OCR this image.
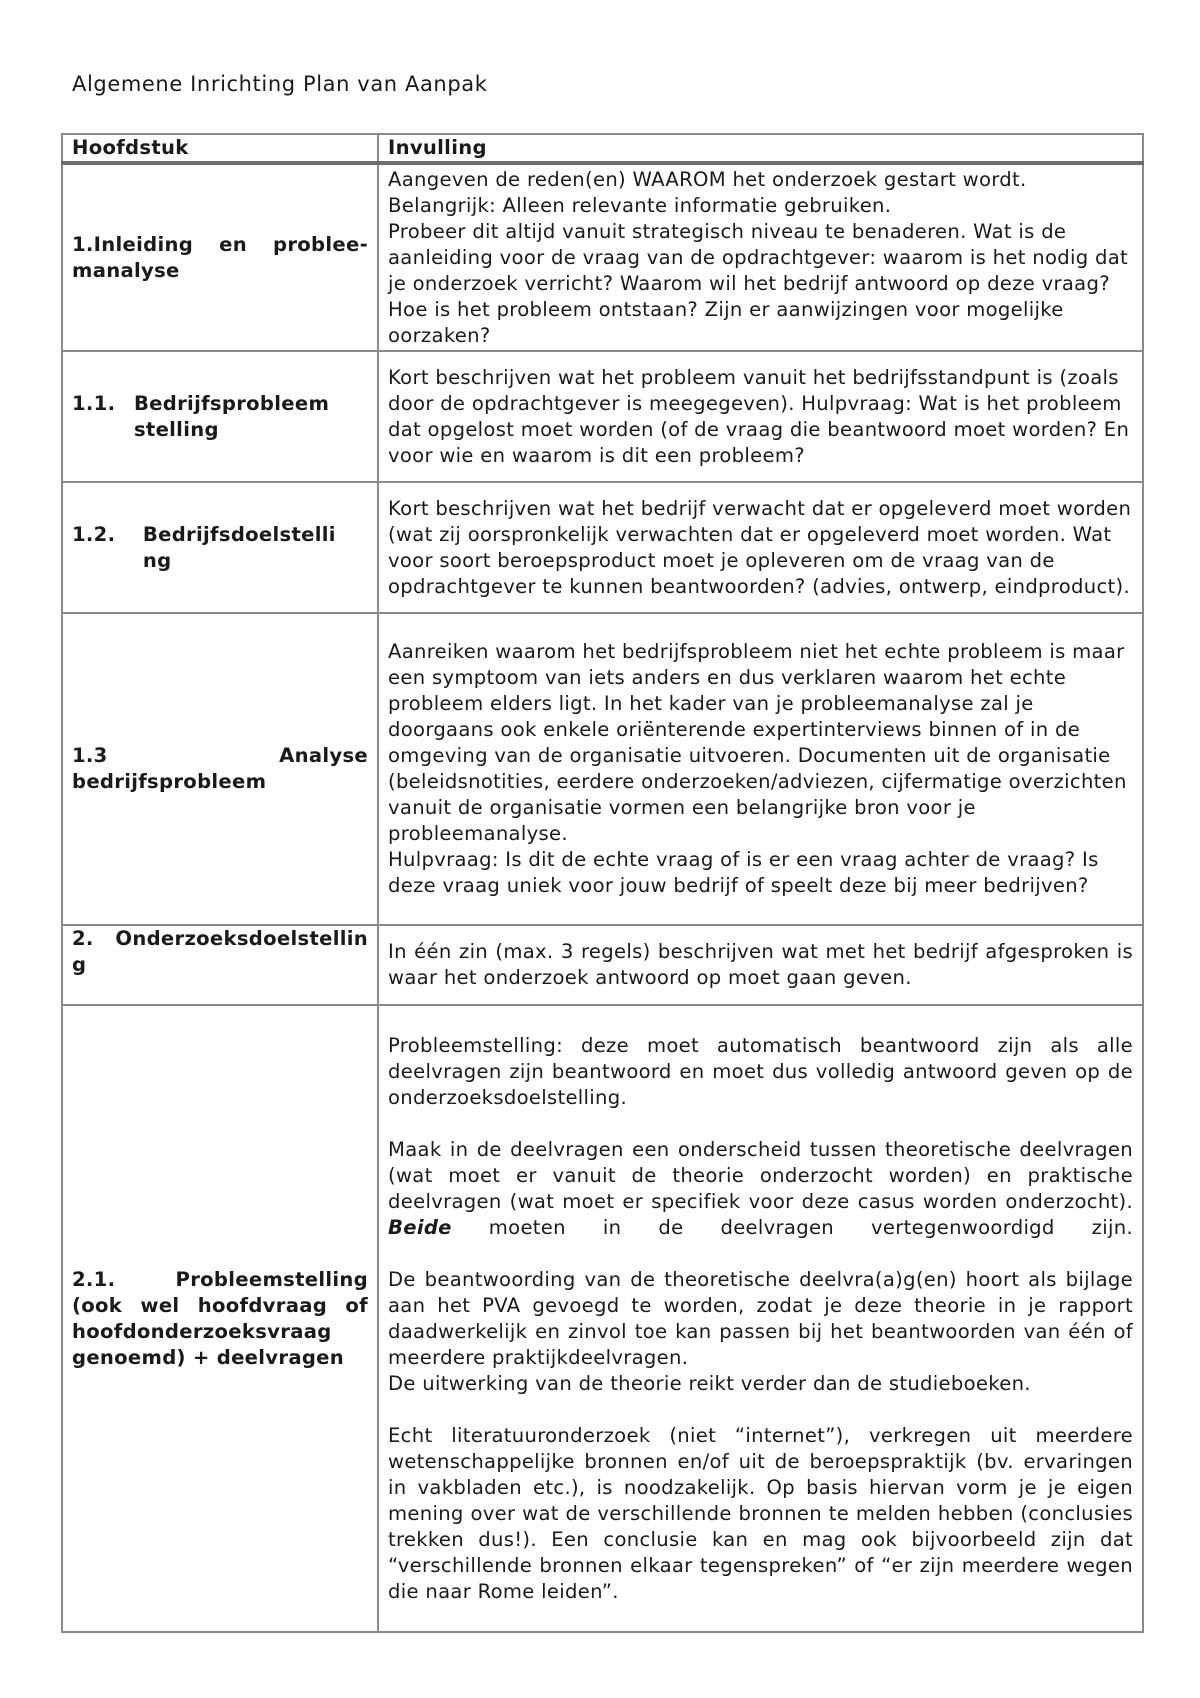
Algemene Inrichting Plan van Aanpak
Hoofdstuk	Invulling
1.Inleiding en problee-manalyse	Aangeven de reden(en) WAAROM het onderzoek gestart wordt.

Belangrijk: Alleen relevante informatie gebruiken.

Probeer dit altijd vanuit strategisch niveau te benaderen. Wat is de aanleiding voor de vraag van de opdrachtgever: waarom is het nodig dat je onderzoek verricht? Waarom wil het bedrijf antwoord op deze vraag? Hoe is het probleem ontstaan? Zijn er aanwijzingen voor mogelijke oorzaken?

1.1. Bedrijfsprobleem stelling	Kort beschrijven wat het probleem vanuit het bedrijfsstandpunt is (zoals door de opdrachtgever is meegegeven). Hulpvraag: Wat is het probleem dat opgelost moet worden (of de vraag die beantwoord moet worden? En voor wie en waarom is dit een probleem?

1.2. Bedrijfsdoelstelli ng	Kort beschrijven wat het bedrijf verwacht dat er opgeleverd moet worden (wat zij oorspronkelijk verwachten dat er opgeleverd moet worden. Wat voor soort beroepsproduct moet je opleveren om de vraag van de opdrachtgever te kunnen beantwoorden? (advies, ontwerp, eindproduct).

1.3 Analyse bedrijfsprobleem	Aanreiken waarom het bedrijfsprobleem niet het echte probleem is maar een symptoom van iets anders en dus verklaren waarom het echte probleem elders ligt. In het kader van je probleemanalyse zal je doorgaans ook enkele oriënterende expertinterviews binnen of in de omgeving van de organisatie uitvoeren. Documenten uit de organisatie (beleidsnotities, eerdere onderzoeken/adviezen, cijfermatige overzichten vanuit de organisatie vormen een belangrijke bron voor je probleemanalyse.

Hulpvraag: Is dit de echte vraag of is er een vraag achter de vraag? Is deze vraag uniek voor jouw bedrijf of speelt deze bij meer bedrijven?

2. Onderzoeksdoelstellin g	In één zin (max. 3 regels) beschrijven wat met het bedrijf afgesproken is waar het onderzoek antwoord op moet gaan geven.

2.1. Probleemstelling (ook wel hoofdvraag of hoofdonderzoeksvraag genoemd) + deelvragen	Probleemstelling: deze moet automatisch beantwoord zijn als alle deelvragen zijn beantwoord en moet dus volledig antwoord geven op de onderzoeksdoelstelling.

Maak in de deelvragen een onderscheid tussen theoretische deelvragen (wat moet er vanuit de theorie onderzocht worden) en praktische deelvragen (wat moet er specifiek voor deze casus worden onderzocht). Beide moeten in de deelvragen vertegenwoordigd zijn.

De beantwoording van de theoretische deelvra(a)g(en) hoort als bijlage aan het PVA gevoegd te worden, zodat je deze theorie in je rapport daadwerkelijk en zinvol toe kan passen bij het beantwoorden van één of meerdere praktijkdeelvragen.

De uitwerking van de theorie reikt verder dan de studieboeken.

Echt literatuuronderzoek (niet “internet”), verkregen uit meerdere wetenschappelijke bronnen en/of uit de beroepspraktijk (bv. ervaringen in vakbladen etc.), is noodzakelijk. Op basis hiervan vorm je je eigen mening over wat de verschillende bronnen te melden hebben (conclusies trekken dus!). Een conclusie kan en mag ook bijvoorbeeld zijn dat “verschillende bronnen elkaar tegenspreken” of “er zijn meerdere wegen die naar Rome leiden”.
